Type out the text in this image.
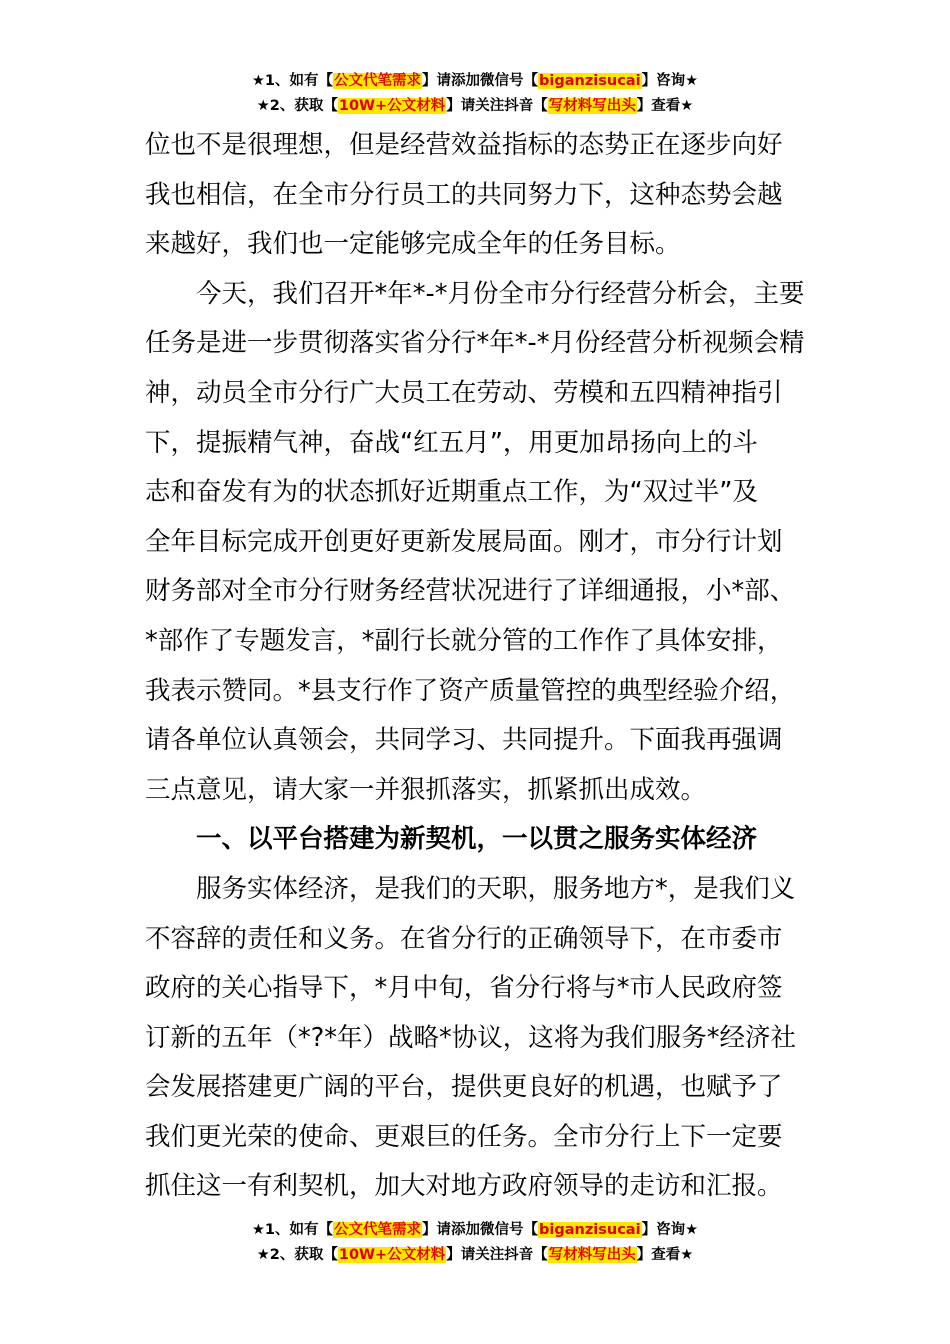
★1、如有【公文代笔需求】请添加微信号【biganzisucai】咨询★
★2、获取【10W+公文材料】请关注抖音【写材料写出头】查看★

位也不是很理想，但是经营效益指标的态势正在逐步向好
我也相信，在全市分行员工的共同努力下，这种态势会越
来越好，我们也一定能够完成全年的任务目标。

今天，我们召开*年*-*月份全市分行经营分析会，主要
任务是进一步贯彻落实省分行*年*-*月份经营分析视频会精
神，动员全市分行广大员工在劳动、劳模和五四精神指引
下，提振精气神，奋战“红五月”，用更加昂扬向上的斗
志和奋发有为的状态抓好近期重点工作，为“双过半”及
全年目标完成开创更好更新发展局面。刚才，市分行计划
财务部对全市分行财务经营状况进行了详细通报，小*部、
*部作了专题发言，*副行长就分管的工作作了具体安排，
我表示赞同。*县支行作了资产质量管控的典型经验介绍，
请各单位认真领会，共同学习、共同提升。下面我再强调
三点意见，请大家一并狠抓落实，抓紧抓出成效。

一、以平台搭建为新契机，一以贯之服务实体经济

服务实体经济，是我们的天职，服务地方*，是我们义
不容辞的责任和义务。在省分行的正确领导下，在市委市
政府的关心指导下，*月中旬，省分行将与*市人民政府签
订新的五年（*?*年）战略*协议，这将为我们服务*经济社
会发展搭建更广阔的平台，提供更良好的机遇，也赋予了
我们更光荣的使命、更艰巨的任务。全市分行上下一定要
抓住这一有利契机，加大对地方政府领导的走访和汇报。

★1、如有【公文代笔需求】请添加微信号【biganzisucai】咨询★
★2、获取【10W+公文材料】请关注抖音【写材料写出头】查看★
